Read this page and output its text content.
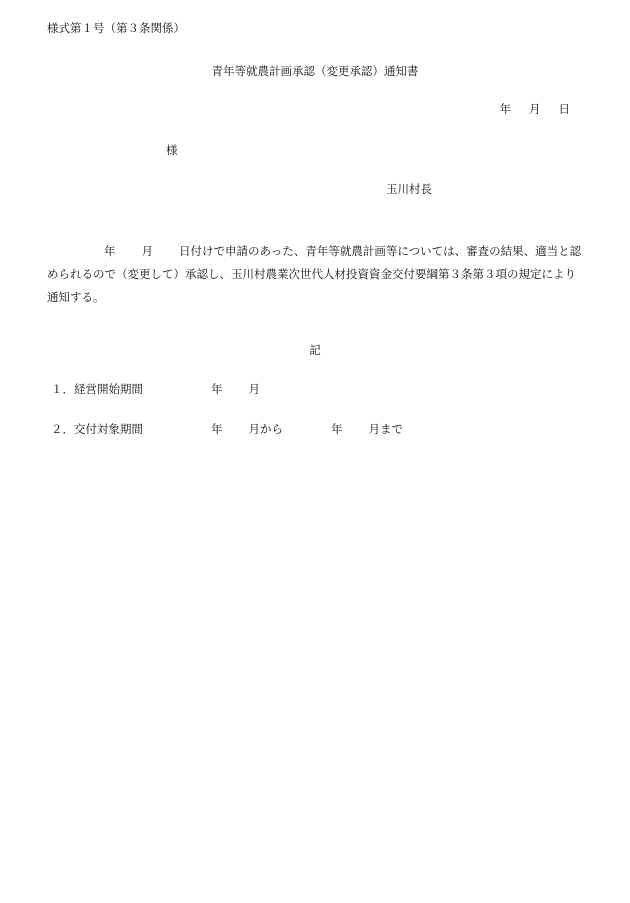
様式第１号（第３条関係）
青年等就農計画承認（変更承認）通知書
年 月 日
様
玉川村長
年 月 日付けで申請のあった、青年等就農計画等については、審査の結果、適当と認められるので（変更して）承認し、玉川村農業次世代人材投資資金交付要綱第３条第３項の規定により通知する。
記
１．経営開始期間	年 月
２．交付対象期間	年 月から	年 月まで
